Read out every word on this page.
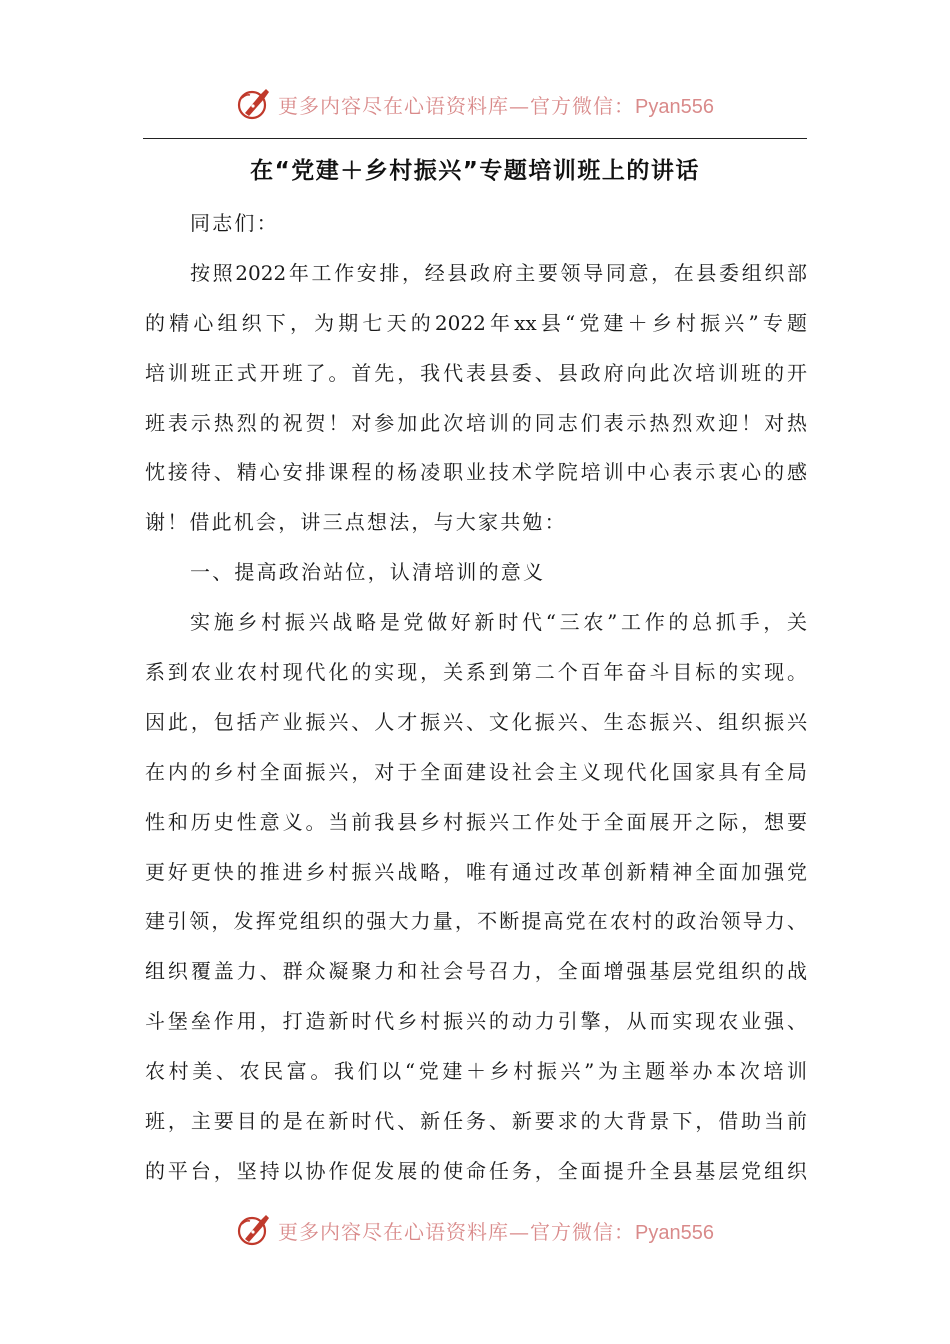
更多内容尽在心语资料库—官方微信：Pyan556
在“党建＋乡村振兴”专题培训班上的讲话
同志们：
按照2022年工作安排，经县政府主要领导同意，在县委组织部
的精心组织下，为期七天的2022年xx县“党建＋乡村振兴”专题
培训班正式开班了。首先，我代表县委、县政府向此次培训班的开
班表示热烈的祝贺！对参加此次培训的同志们表示热烈欢迎！对热
忱接待、精心安排课程的杨凌职业技术学院培训中心表示衷心的感
谢！借此机会，讲三点想法，与大家共勉：
一、提高政治站位，认清培训的意义
实施乡村振兴战略是党做好新时代“三农”工作的总抓手，关
系到农业农村现代化的实现，关系到第二个百年奋斗目标的实现。
因此，包括产业振兴、人才振兴、文化振兴、生态振兴、组织振兴
在内的乡村全面振兴，对于全面建设社会主义现代化国家具有全局
性和历史性意义。当前我县乡村振兴工作处于全面展开之际，想要
更好更快的推进乡村振兴战略，唯有通过改革创新精神全面加强党
建引领，发挥党组织的强大力量，不断提高党在农村的政治领导力、
组织覆盖力、群众凝聚力和社会号召力，全面增强基层党组织的战
斗堡垒作用，打造新时代乡村振兴的动力引擎，从而实现农业强、
农村美、农民富。我们以“党建＋乡村振兴”为主题举办本次培训
班，主要目的是在新时代、新任务、新要求的大背景下，借助当前
的平台，坚持以协作促发展的使命任务，全面提升全县基层党组织
更多内容尽在心语资料库—官方微信：Pyan556
